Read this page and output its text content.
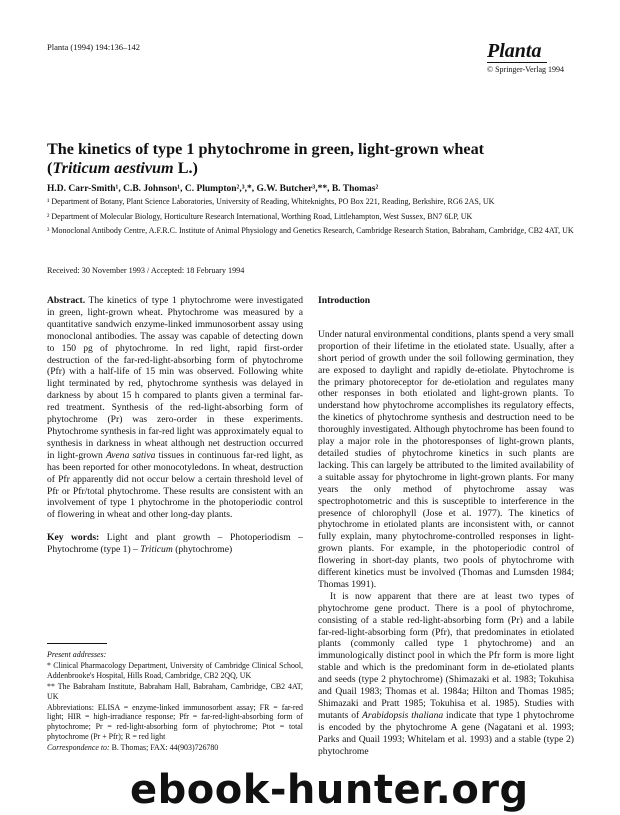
Planta (1994) 194:136–142	Planta
© Springer-Verlag 1994
The kinetics of type 1 phytochrome in green, light-grown wheat
(Triticum aestivum L.)
H.D. Carr-Smith¹, C.B. Johnson¹, C. Plumpton²,³,*, G.W. Butcher³,**, B. Thomas²
¹ Department of Botany, Plant Science Laboratories, University of Reading, Whiteknights, PO Box 221, Reading, Berkshire, RG6 2AS, UK
² Department of Molecular Biology, Horticulture Research International, Worthing Road, Littlehampton, West Sussex, BN7 6LP, UK
³ Monoclonal Antibody Centre, A.F.R.C. Institute of Animal Physiology and Genetics Research, Cambridge Research Station, Babraham, Cambridge, CB2 4AT, UK
Received: 30 November 1993 / Accepted: 18 February 1994

Abstract. The kinetics of type 1 phytochrome were investigated in green, light-grown wheat. Phytochrome was measured by a quantitative sandwich enzyme-linked immunosorbent assay using monoclonal antibodies. The assay was capable of detecting down to 150 pg of phytochrome. In red light, rapid first-order destruction of the far-red-light-absorbing form of phytochrome (Pfr) with a half-life of 15 min was observed. Following white light terminated by red, phytochrome synthesis was delayed in darkness by about 15 h compared to plants given a terminal far-red treatment. Synthesis of the red-light-absorbing form of phytochrome (Pr) was zero-order in these experiments. Phytochrome synthesis in far-red light was approximately equal to synthesis in darkness in wheat although net destruction occurred in light-grown Avena sativa tissues in continuous far-red light, as has been reported for other monocotyledons. In wheat, destruction of Pfr apparently did not occur below a certain threshold level of Pfr or Pfr/total phytochrome. These results are consistent with an involvement of type 1 phytochrome in the photoperiodic control of flowering in wheat and other long-day plants.

Key words: Light and plant growth – Photoperiodism – Phytochrome (type 1) – Triticum (phytochrome)

Present addresses:

* Clinical Pharmacology Department, University of Cambridge Clinical School, Addenbrooke's Hospital, Hills Road, Cambridge, CB2 2QQ, UK

** The Babraham Institute, Babraham Hall, Babraham, Cambridge, CB2 4AT, UK

Abbreviations: ELISA = enzyme-linked immunosorbent assay; FR = far-red light; HIR = high-irradiance response; Pfr = far-red-light-absorbing form of phytochrome; Pr = red-light-absorbing form of phytochrome; Ptot = total phytochrome (Pr + Pfr); R = red light

Correspondence to: B. Thomas; FAX: 44(903)726780

Introduction

Under natural environmental conditions, plants spend a very small proportion of their lifetime in the etiolated state. Usually, after a short period of growth under the soil following germination, they are exposed to daylight and rapidly de-etiolate. Phytochrome is the primary photoreceptor for de-etiolation and regulates many other responses in both etiolated and light-grown plants. To understand how phytochrome accomplishes its regulatory effects, the kinetics of phytochrome synthesis and destruction need to be thoroughly investigated. Although phytochrome has been found to play a major role in the photoresponses of light-grown plants, detailed studies of phytochrome kinetics in such plants are lacking. This can largely be attributed to the limited availability of a suitable assay for phytochrome in light-grown plants. For many years the only method of phytochrome assay was spectrophotometric and this is susceptible to interference in the presence of chlorophyll (Jose et al. 1977). The kinetics of phytochrome in etiolated plants are inconsistent with, or cannot fully explain, many phytochrome-controlled responses in light-grown plants. For example, in the photoperiodic control of flowering in short-day plants, two pools of phytochrome with different kinetics must be involved (Thomas and Lumsden 1984; Thomas 1991).

It is now apparent that there are at least two types of phytochrome gene product. There is a pool of phytochrome, consisting of a stable red-light-absorbing form (Pr) and a labile far-red-light-absorbing form (Pfr), that predominates in etiolated plants (commonly called type 1 phytochrome) and an immunologically distinct pool in which the Pfr form is more light stable and which is the predominant form in de-etiolated plants and seeds (type 2 phytochrome) (Shimazaki et al. 1983; Tokuhisa and Quail 1983; Thomas et al. 1984a; Hilton and Thomas 1985; Shimazaki and Pratt 1985; Tokuhisa et al. 1985). Studies with mutants of Arabidopsis thaliana indicate that type 1 phytochrome is encoded by the phytochrome A gene (Nagatani et al. 1993; Parks and Quail 1993; Whitelam et al. 1993) and a stable (type 2) phytochrome

ebook-hunter.org
